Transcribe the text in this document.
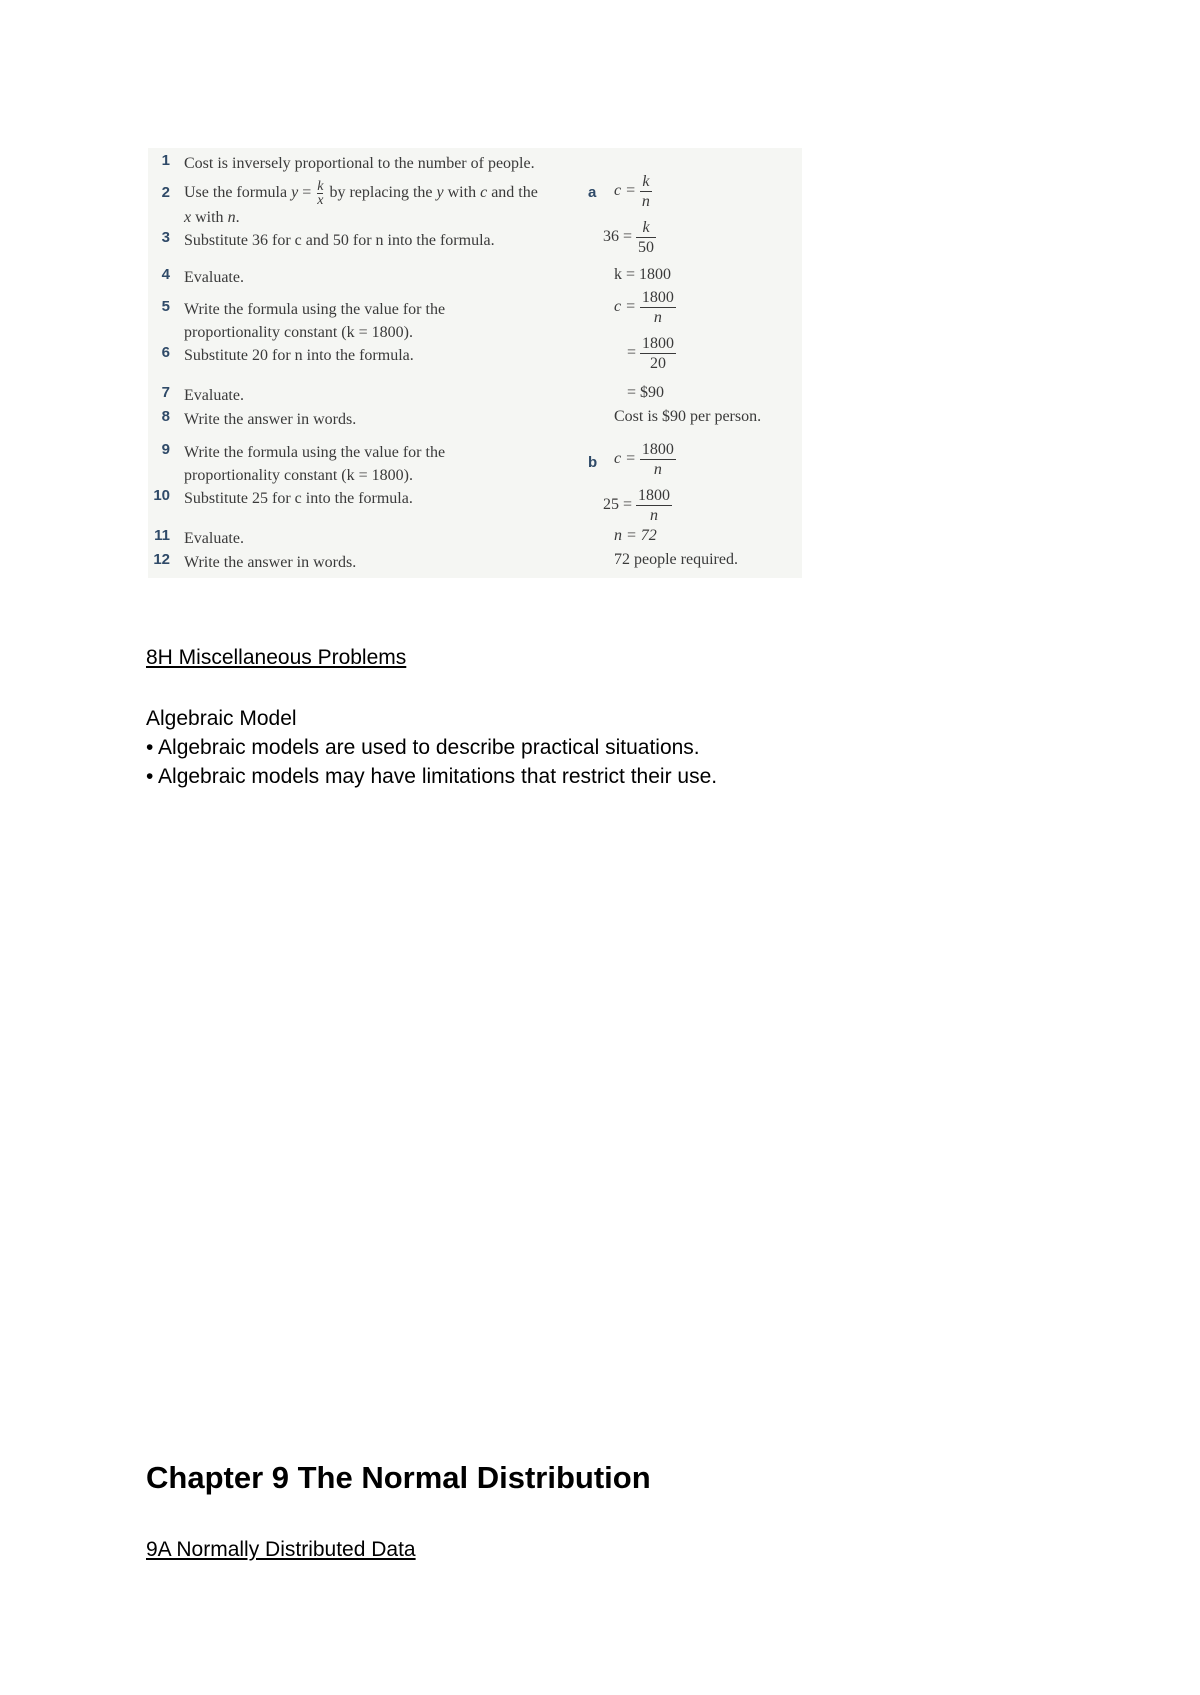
1 Cost is inversely proportional to the number of people.
2 Use the formula $y = \frac{k}{x}$ by replacing the y with c and the
x with n.
3 Substitute 36 for c and 50 for n into the formula.
4 Evaluate.
5 Write the formula using the value for the proportionality constant (k = 1800).
6 Substitute 20 for n into the formula.
7 Evaluate.
8 Write the answer in words.
9 Write the formula using the value for the proportionality constant (k = 1800).
10 Substitute 25 for c into the formula.
11 Evaluate.
12 Write the answer in words.
a $c = \frac{k}{n}$
$36 = \frac{k}{50}$
k = 1800
$c = \frac{1800}{n}$
= $\frac{1800}{20}$
= $90
Cost is $90 per person.
b $c = \frac{1800}{n}$
$25 = \frac{1800}{n}$
n = 72
72 people required.
8H Miscellaneous Problems

Algebraic Model

• Algebraic models are used to describe practical situations.

• Algebraic models may have limitations that restrict their use.

Chapter 9 The Normal Distribution
9A Normally Distributed Data
